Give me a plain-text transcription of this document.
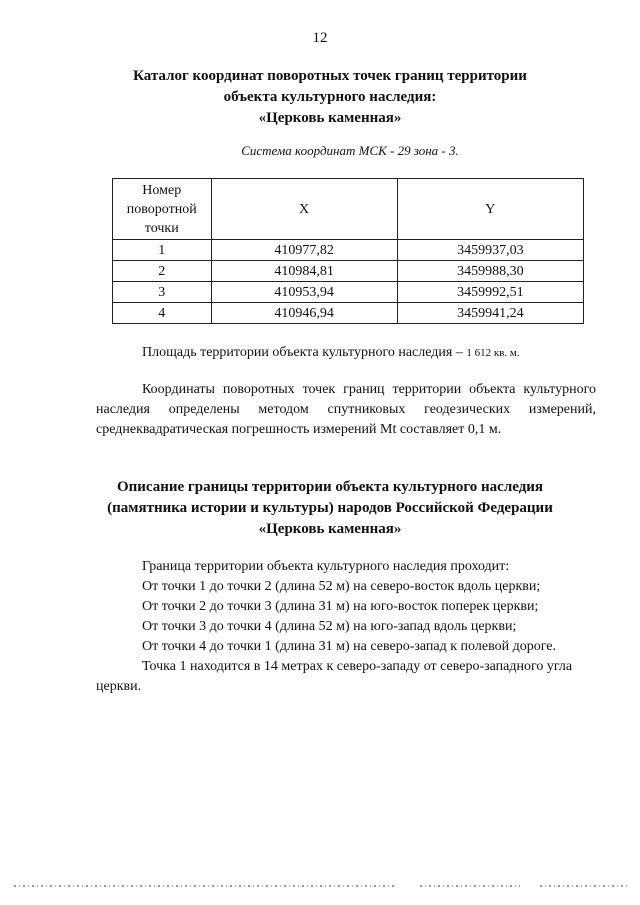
12
Каталог координат поворотных точек границ территории
объекта культурного наследия:
«Церковь каменная»
Система координат МСК - 29 зона - 3.
Номер
поворотной
точки	X	Y
1	410977,82	3459937,03
2	410984,81	3459988,30
3	410953,94	3459992,51
4	410946,94	3459941,24
Площадь территории объекта культурного наследия – 1 612 кв. м.
Координаты поворотных точек границ территории объекта культурного наследия определены методом спутниковых геодезических измерений, среднеквадратическая погрешность измерений Mt составляет 0,1 м.
Описание границы территории объекта культурного наследия
(памятника истории и культуры) народов Российской Федерации
«Церковь каменная»
Граница территории объекта культурного наследия проходит:
От точки 1 до точки 2 (длина 52 м) на северо-восток вдоль церкви;
От точки 2 до точки 3 (длина 31 м) на юго-восток поперек церкви;
От точки 3 до точки 4 (длина 52 м) на юго-запад вдоль церкви;
От точки 4 до точки 1 (длина 31 м) на северо-запад к полевой дороге.
Точка 1 находится в 14 метрах к северо-западу от северо-западного угла церкви.
